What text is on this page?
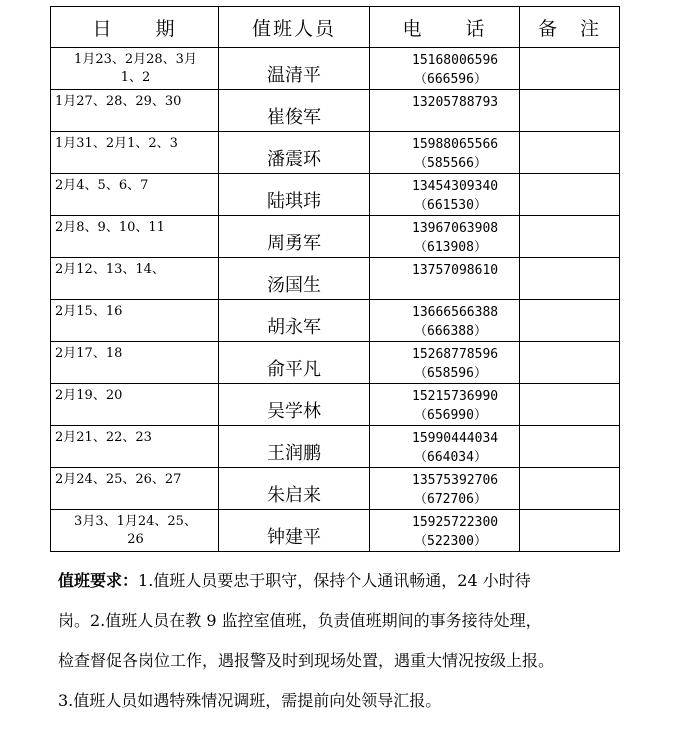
日　　期	值班人员	电　　话	备　注
1月23、2月28、3月
1、2	温清平	15168006596
（666596）	

1月27、28、29、30	崔俊军	13205788793

1月31、2月1、2、3	潘震环	15988065566
（585566）	

2月4、5、6、7	陆琪玮	13454309340
（661530）	

2月8、9、10、11	周勇军	13967063908
（613908）	

2月12、13、14、	汤国生	13757098610

2月15、16	胡永军	13666566388
（666388）	

2月17、18	俞平凡	15268778596
（658596）	

2月19、20	吴学林	15215736990
（656990）	

2月21、22、23	王润鹏	15990444034
（664034）	

2月24、25、26、27	朱启来	13575392706
（672706）	

3月3、1月24、25、
26	钟建平	15925722300
（522300）	

值班要求：1.值班人员要忠于职守，保持个人通讯畅通，24 小时待

岗。2.值班人员在教 9 监控室值班，负责值班期间的事务接待处理，

检查督促各岗位工作，遇报警及时到现场处置，遇重大情况按级上报。

3.值班人员如遇特殊情况调班，需提前向处领导汇报。
